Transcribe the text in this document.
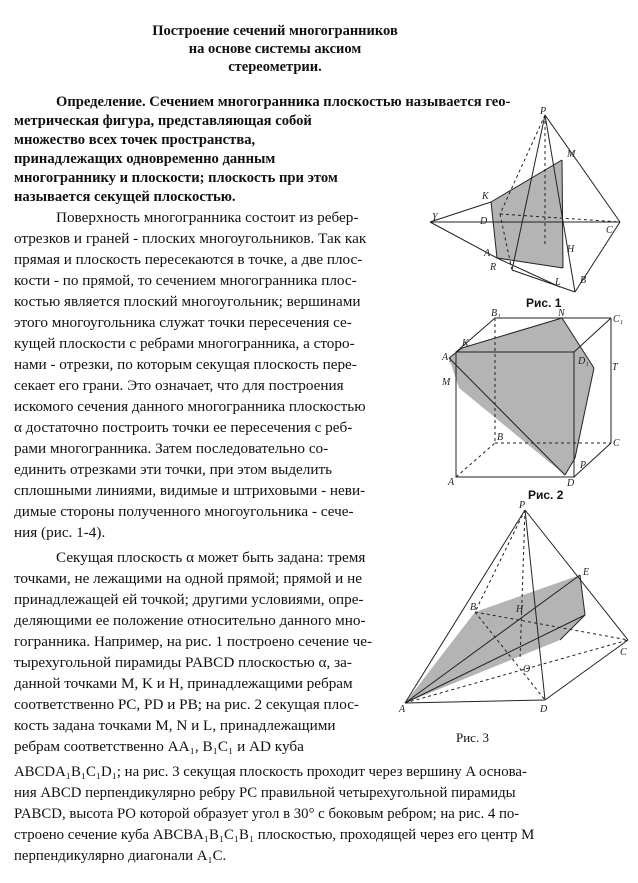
Построение сечений многогранников
на основе системы аксиом
стереометрии.
Определение. Сечением многогранника плоскостью называется гео-
метрическая фигура, представляющая собой
множество всех точек пространства,
принадлежащих одновременно данным
многограннику и плоскости; плоскость при этом
называется секущей плоскостью.
Поверхность многогранника состоит из ребер-
отрезков и граней - плоских многоугольников. Так как
прямая и плоскость пересекаются в точке, а две плос-
кости - по прямой, то сечением многогранника плос-
костью является плоский многоугольник; вершинами
этого многоугольника служат точки пересечения се-
кущей плоскости с ребрами многогранника, а сторо-
нами - отрезки, по которым секущая плоскость пере-
секает его грани. Это означает, что для построения
искомого сечения данного многогранника плоскостью
α достаточно построить точки ее пересечения с реб-
рами многогранника. Затем последовательно со-
единить отрезками эти точки, при этом выделить
сплошными линиями, видимые и штриховыми - неви-
димые стороны полученного многоугольника - сече-
ния (рис. 1-4).
Секущая плоскость α может быть задана: тремя
точками, не лежащими на одной прямой; прямой и не
принадлежащей ей точкой; другими условиями, опре-
деляющими ее положение относительно данного мно-
гогранника. Например, на рис. 1 построено сечение че-
тырехугольной пирамиды PABCD плоскостью α, за-
данной точками M, K и H, принадлежащими ребрам
соответственно PC, PD и PB; на рис. 2 секущая плос-
кость задана точками M, N и L, принадлежащими
ребрам соответственно AA₁, B₁C₁ и AD куба
ABCDA₁B₁C₁D₁; на рис. 3 секущая плоскость проходит через вершину A основа-
ния ABCD перпендикулярно ребру PC правильной четырехугольной пирамиды
PABCD, высота PO которой образует угол в 30° с боковым ребром; на рис. 4 по-
строено сечение куба ABCBA₁B₁C₁B₁ плоскостью, проходящей через его центр M
перпендикулярно диагонали A₁C.
P
M
K
Y	D
A
R
H
C
L B
Рис. 1
B₁	N
C₁
K
A₁	D₁
T
M
B
C
A	D
P
Рис. 2
P
E
H
O
A
B
C
D
Рис. 3
